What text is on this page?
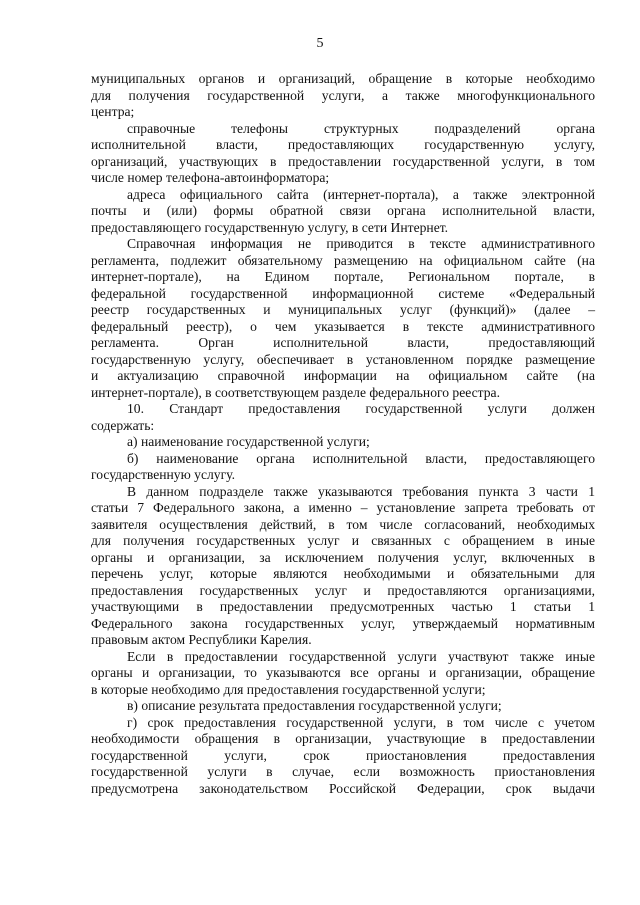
5
муниципальных органов и организаций, обращение в которые необходимо
для получения государственной услуги, а также многофункционального
центра;
справочные телефоны структурных подразделений органа
исполнительной власти, предоставляющих государственную услугу,
организаций, участвующих в предоставлении государственной услуги, в том
числе номер телефона-автоинформатора;
адреса официального сайта (интернет-портала), а также электронной
почты и (или) формы обратной связи органа исполнительной власти,
предоставляющего государственную услугу, в сети Интернет.
Справочная информация не приводится в тексте административного
регламента, подлежит обязательному размещению на официальном сайте (на
интернет-портале), на Едином портале, Региональном портале, в
федеральной государственной информационной системе «Федеральный
реестр государственных и муниципальных услуг (функций)» (далее –
федеральный реестр), о чем указывается в тексте административного
регламента. Орган исполнительной власти, предоставляющий
государственную услугу, обеспечивает в установленном порядке размещение
и актуализацию справочной информации на официальном сайте (на
интернет-портале), в соответствующем разделе федерального реестра.
10. Стандарт предоставления государственной услуги должен
содержать:
а) наименование государственной услуги;
б) наименование органа исполнительной власти, предоставляющего
государственную услугу.
В данном подразделе также указываются требования пункта 3 части 1
статьи 7 Федерального закона, а именно – установление запрета требовать от
заявителя осуществления действий, в том числе согласований, необходимых
для получения государственных услуг и связанных с обращением в иные
органы и организации, за исключением получения услуг, включенных в
перечень услуг, которые являются необходимыми и обязательными для
предоставления государственных услуг и предоставляются организациями,
участвующими в предоставлении предусмотренных частью 1 статьи 1
Федерального закона государственных услуг, утверждаемый нормативным
правовым актом Республики Карелия.
Если в предоставлении государственной услуги участвуют также иные
органы и организации, то указываются все органы и организации, обращение
в которые необходимо для предоставления государственной услуги;
в) описание результата предоставления государственной услуги;
г) срок предоставления государственной услуги, в том числе с учетом
необходимости обращения в организации, участвующие в предоставлении
государственной услуги, срок приостановления предоставления
государственной услуги в случае, если возможность приостановления
предусмотрена законодательством Российской Федерации, срок выдачи
